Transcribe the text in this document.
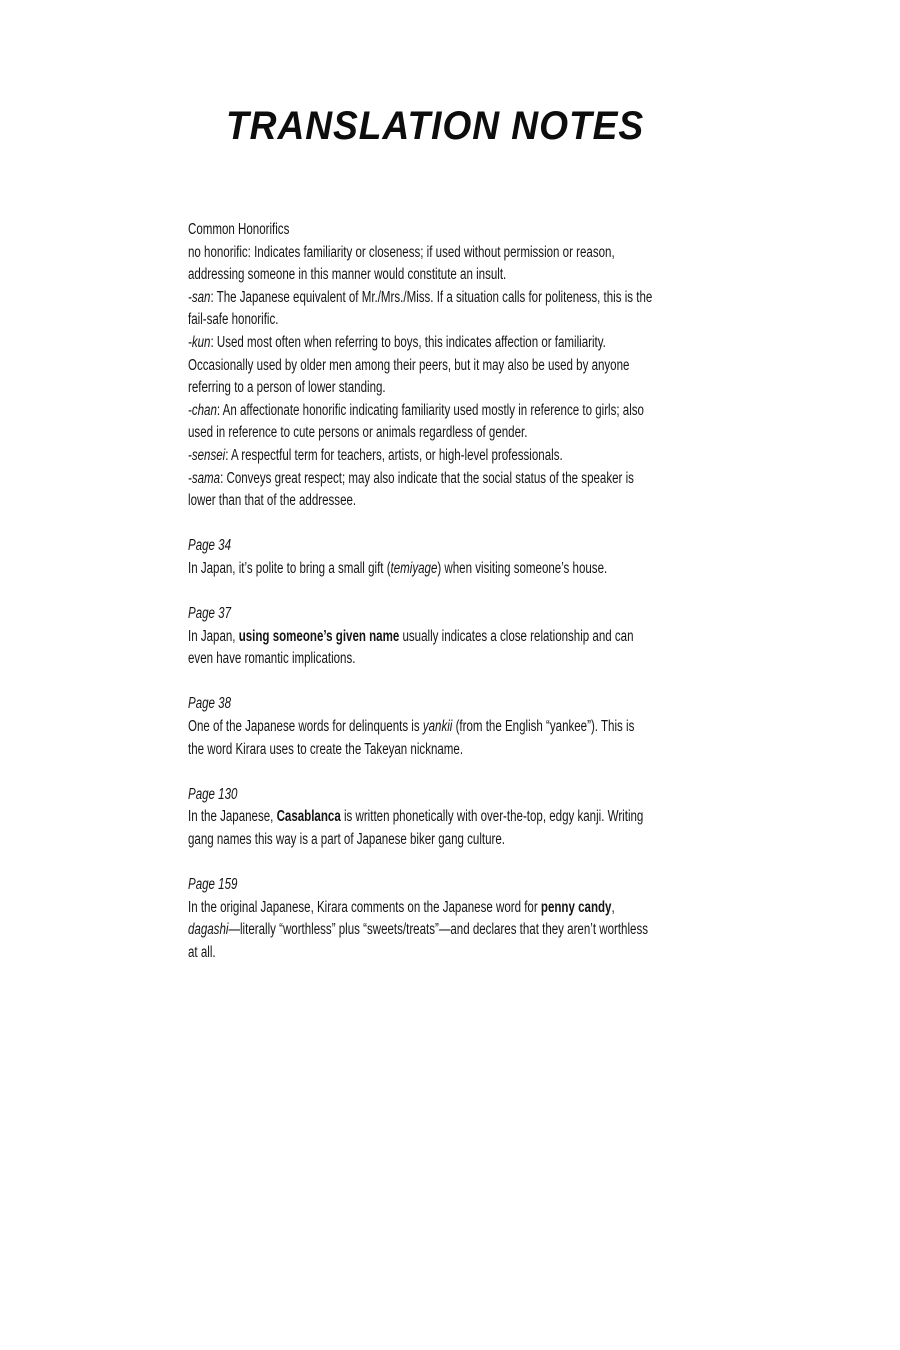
TRANSLATION NOTES

Common Honorifics

no honorific: Indicates familiarity or closeness; if used without permission or reason, addressing someone in this manner would constitute an insult.

-san: The Japanese equivalent of Mr./Mrs./Miss. If a situation calls for politeness, this is the fail-safe honorific.

-kun: Used most often when referring to boys, this indicates affection or familiarity. Occasionally used by older men among their peers, but it may also be used by anyone referring to a person of lower standing.

-chan: An affectionate honorific indicating familiarity used mostly in reference to girls; also used in reference to cute persons or animals regardless of gender.

-sensei: A respectful term for teachers, artists, or high-level professionals.

-sama: Conveys great respect; may also indicate that the social status of the speaker is lower than that of the addressee.

Page 34

In Japan, it’s polite to bring a small gift (temiyage) when visiting someone’s house.

Page 37

In Japan, using someone’s given name usually indicates a close relationship and can even have romantic implications.

Page 38

One of the Japanese words for delinquents is yankii (from the English “yankee”). This is the word Kirara uses to create the Takeyan nickname.

Page 130

In the Japanese, Casablanca is written phonetically with over-the-top, edgy kanji. Writing gang names this way is a part of Japanese biker gang culture.

Page 159

In the original Japanese, Kirara comments on the Japanese word for penny candy, dagashi—literally “worthless” plus “sweets/treats”—and declares that they aren’t worthless at all.
